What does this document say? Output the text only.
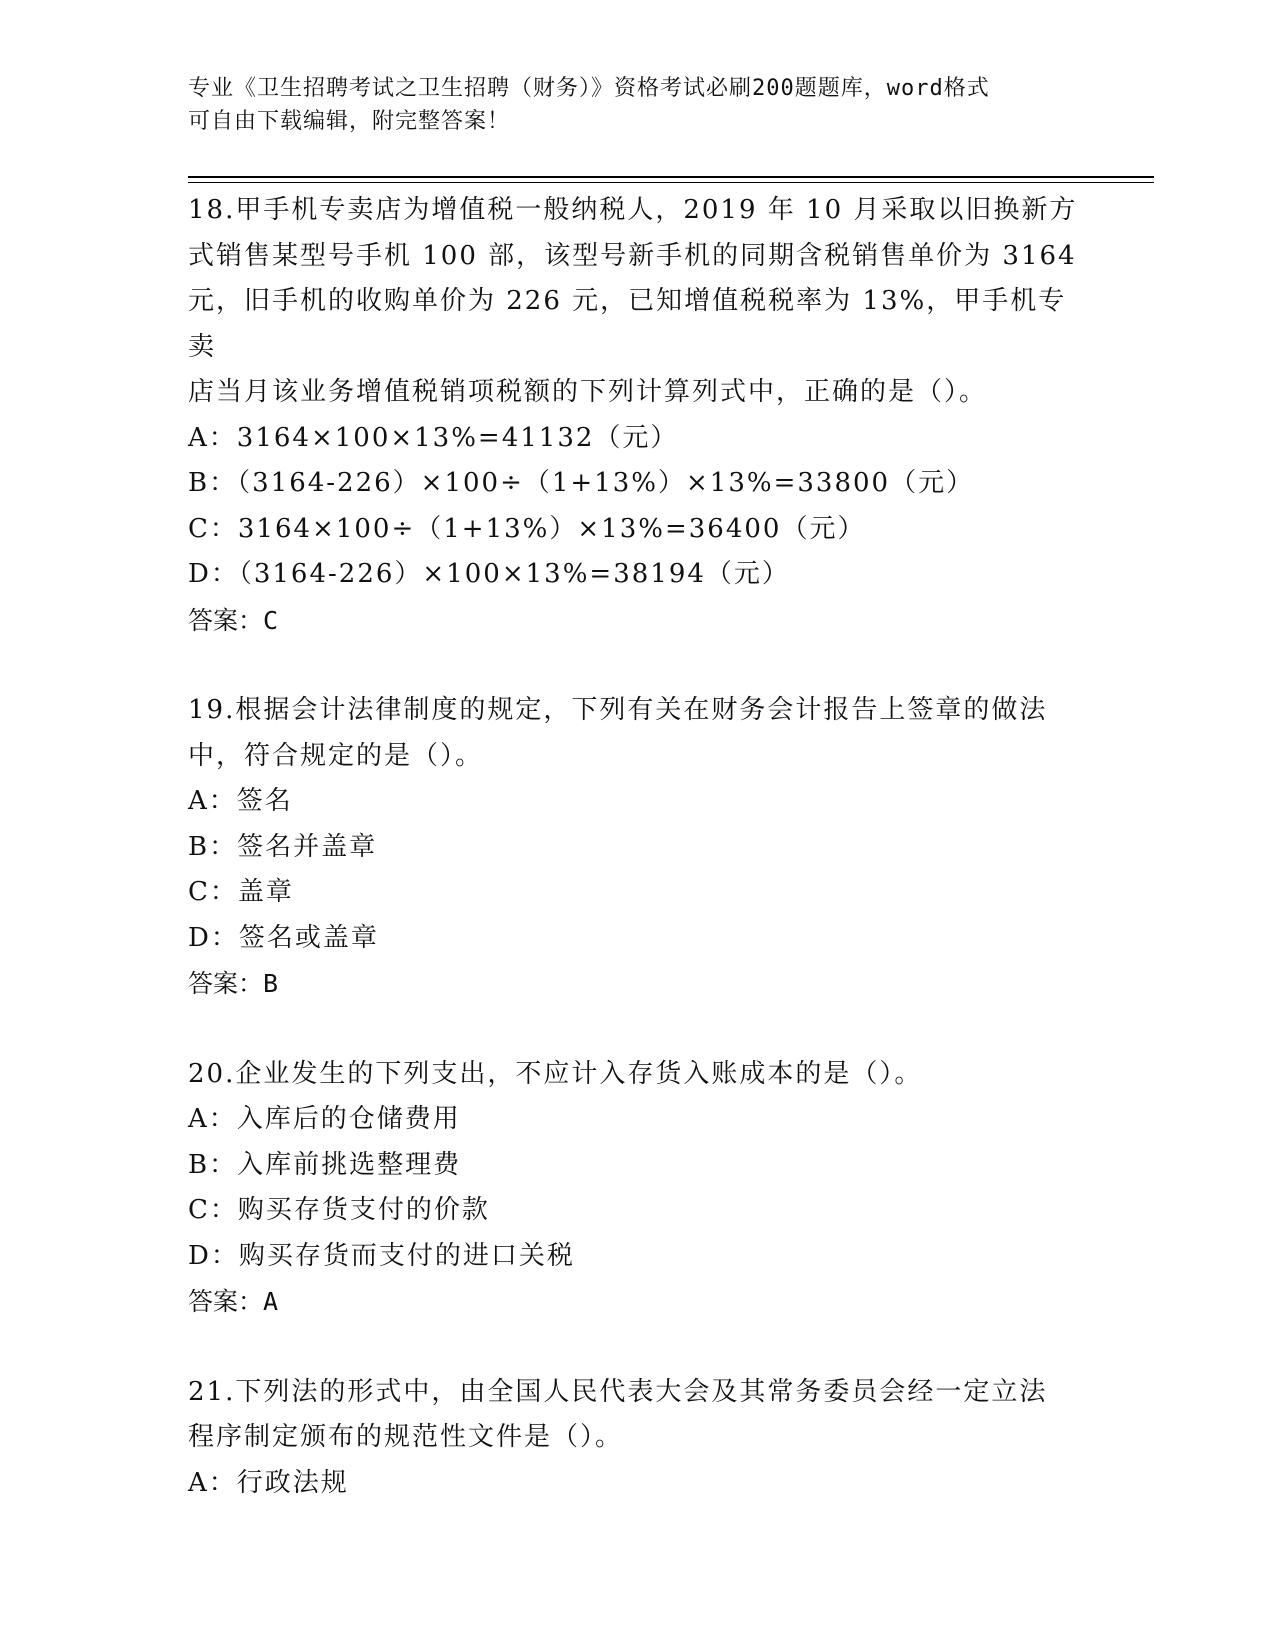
专业《卫生招聘考试之卫生招聘（财务）》资格考试必刷200题题库，word格式
可自由下载编辑，附完整答案！
18.甲手机专卖店为增值税一般纳税人，2019 年 10 月采取以旧换新方
式销售某型号手机 100 部，该型号新手机的同期含税销售单价为 3164
元，旧手机的收购单价为 226 元，已知增值税税率为 13%，甲手机专卖
店当月该业务增值税销项税额的下列计算列式中，正确的是（）。
A：3164×100×13%=41132（元）
B：（3164-226）×100÷（1+13%）×13%=33800（元）
C：3164×100÷（1+13%）×13%=36400（元）
D：（3164-226）×100×13%=38194（元）
答案：C
19.根据会计法律制度的规定，下列有关在财务会计报告上签章的做法
中，符合规定的是（）。
A：签名
B：签名并盖章
C：盖章
D：签名或盖章
答案：B
20.企业发生的下列支出，不应计入存货入账成本的是（）。
A：入库后的仓储费用
B：入库前挑选整理费
C：购买存货支付的价款
D：购买存货而支付的进口关税
答案：A
21.下列法的形式中，由全国人民代表大会及其常务委员会经一定立法
程序制定颁布的规范性文件是（）。
A：行政法规
